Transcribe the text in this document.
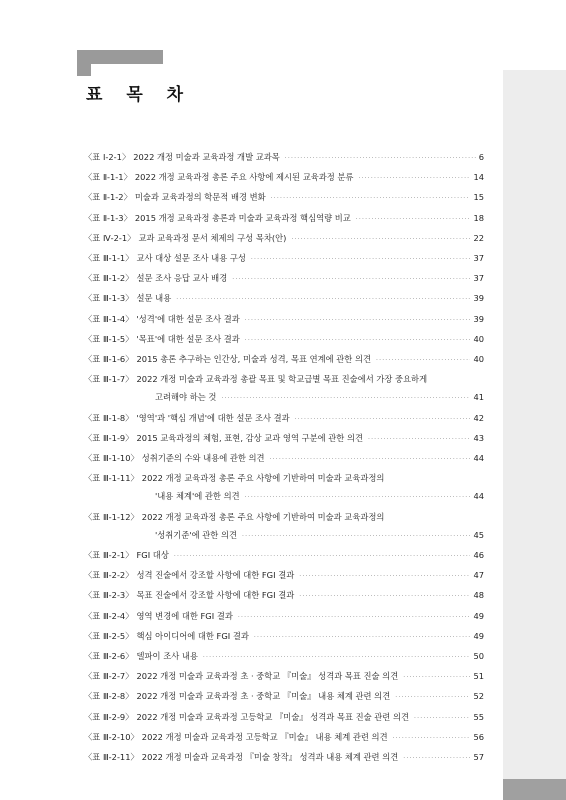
표 목 차
〈표 Ⅰ-2-1〉 2022 개정 미술과 교육과정 개발 교과목 ·····	6
〈표 Ⅱ-1-1〉 2022 개정 교육과정 총론 주요 사항에 제시된 교육과정 분류 ·····	14
〈표 Ⅱ-1-2〉 미술과 교육과정의 학문적 배경 변화 ·····	15
〈표 Ⅱ-1-3〉 2015 개정 교육과정 총론과 미술과 교육과정 핵심역량 비교 ·····	18
〈표 Ⅳ-2-1〉 교과 교육과정 문서 체제의 구성 목차(안) ·····	22
〈표 Ⅲ-1-1〉 교사 대상 설문 조사 내용 구성 ·····	37
〈표 Ⅲ-1-2〉 설문 조사 응답 교사 배경 ·····	37
〈표 Ⅲ-1-3〉 설문 내용 ·····	39
〈표 Ⅲ-1-4〉 '성격'에 대한 설문 조사 결과 ·····	39
〈표 Ⅲ-1-5〉 '목표'에 대한 설문 조사 결과 ·····	40
〈표 Ⅲ-1-6〉 2015 총론 추구하는 인간상, 미술과 성격, 목표 연계에 관한 의견 ·····	40
〈표 Ⅲ-1-7〉 2022 개정 미술과 교육과정 총괄 목표 및 학교급별 목표 진술에서 가장 중요하게
고려해야 하는 것 ·····	41
〈표 Ⅲ-1-8〉 '영역'과 '핵심 개념'에 대한 설문 조사 결과 ·····	42
〈표 Ⅲ-1-9〉 2015 교육과정의 체험, 표현, 감상 교과 영역 구분에 관한 의견 ·····	43
〈표 Ⅲ-1-10〉 성취기준의 수와 내용에 관한 의견 ·····	44
〈표 Ⅲ-1-11〉 2022 개정 교육과정 총론 주요 사항에 기반하여 미술과 교육과정의
'내용 체계'에 관한 의견 ·····	44
〈표 Ⅲ-1-12〉 2022 개정 교육과정 총론 주요 사항에 기반하여 미술과 교육과정의
'성취기준'에 관한 의견 ·····	45
〈표 Ⅲ-2-1〉 FGI 대상 ·····	46
〈표 Ⅲ-2-2〉 성격 진술에서 강조할 사항에 대한 FGI 결과 ·····	47
〈표 Ⅲ-2-3〉 목표 진술에서 강조할 사항에 대한 FGI 결과 ·····	48
〈표 Ⅲ-2-4〉 영역 변경에 대한 FGI 결과 ·····	49
〈표 Ⅲ-2-5〉 핵심 아이디어에 대한 FGI 결과 ·····	49
〈표 Ⅲ-2-6〉 델파이 조사 내용 ·····	50
〈표 Ⅲ-2-7〉 2022 개정 미술과 교육과정 초 · 중학교 『미술』 성격과 목표 진술 의견 ·····	51
〈표 Ⅲ-2-8〉 2022 개정 미술과 교육과정 초 · 중학교 『미술』 내용 체계 관련 의견 ·····	52
〈표 Ⅲ-2-9〉 2022 개정 미술과 교육과정 고등학교 『미술』 성격과 목표 진술 관련 의견 ·····	55
〈표 Ⅲ-2-10〉 2022 개정 미술과 교육과정 고등학교 『미술』 내용 체계 관련 의견 ·····	56
〈표 Ⅲ-2-11〉 2022 개정 미술과 교육과정 『미술 창작』 성격과 내용 체계 관련 의견 ·····	57
